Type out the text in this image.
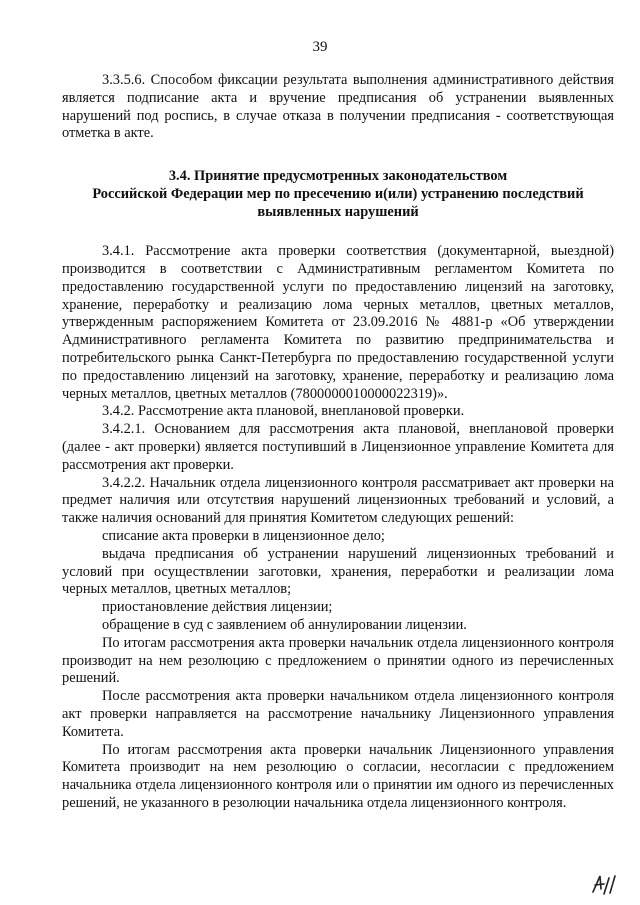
39

3.3.5.6. Способом фиксации результата выполнения административного действия является подписание акта и вручение предписания об устранении выявленных нарушений под роспись, в случае отказа в получении предписания - соответствующая отметка в акте.

3.4. Принятие предусмотренных законодательством
Российской Федерации мер по пресечению и(или) устранению последствий
выявленных нарушений

3.4.1. Рассмотрение акта проверки соответствия (документарной, выездной) производится в соответствии с Административным регламентом Комитета по предоставлению государственной услуги по предоставлению лицензий на заготовку, хранение, переработку и реализацию лома черных металлов, цветных металлов, утвержденным распоряжением Комитета от 23.09.2016 № 4881-р «Об утверждении Административного регламента Комитета по развитию предпринимательства и потребительского рынка Санкт-Петербурга по предоставлению государственной услуги по предоставлению лицензий на заготовку, хранение, переработку и реализацию лома черных металлов, цветных металлов (7800000010000022319)».

3.4.2. Рассмотрение акта плановой, внеплановой проверки.

3.4.2.1. Основанием для рассмотрения акта плановой, внеплановой проверки (далее - акт проверки) является поступивший в Лицензионное управление Комитета для рассмотрения акт проверки.

3.4.2.2. Начальник отдела лицензионного контроля рассматривает акт проверки на предмет наличия или отсутствия нарушений лицензионных требований и условий, а также наличия оснований для принятия Комитетом следующих решений:

списание акта проверки в лицензионное дело;

выдача предписания об устранении нарушений лицензионных требований и условий при осуществлении заготовки, хранения, переработки и реализации лома черных металлов, цветных металлов;

приостановление действия лицензии;

обращение в суд с заявлением об аннулировании лицензии.

По итогам рассмотрения акта проверки начальник отдела лицензионного контроля производит на нем резолюцию с предложением о принятии одного из перечисленных решений.

После рассмотрения акта проверки начальником отдела лицензионного контроля акт проверки направляется на рассмотрение начальнику Лицензионного управления Комитета.

По итогам рассмотрения акта проверки начальник Лицензионного управления Комитета производит на нем резолюцию о согласии, несогласии с предложением начальника отдела лицензионного контроля или о принятии им одного из перечисленных решений, не указанного в резолюции начальника отдела лицензионного контроля.
